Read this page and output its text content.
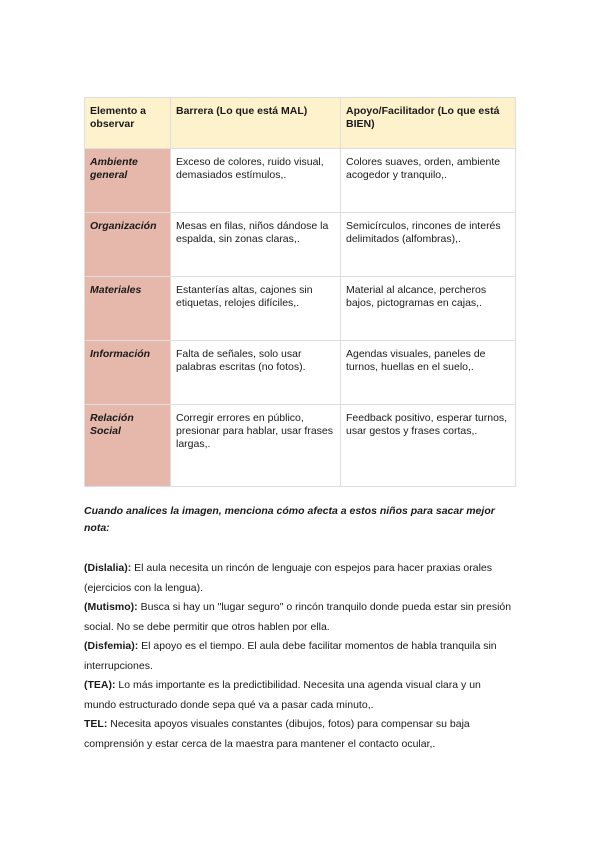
Elemento a observar	Barrera (Lo que está MAL)	Apoyo/Facilitador (Lo que está BIEN)
Ambiente general	Exceso de colores, ruido visual, demasiados estímulos,.	Colores suaves, orden, ambiente acogedor y tranquilo,.
Organización	Mesas en filas, niños dándose la espalda, sin zonas claras,.	Semicírculos, rincones de interés delimitados (alfombras),.
Materiales	Estanterías altas, cajones sin etiquetas, relojes difíciles,.	Material al alcance, percheros bajos, pictogramas en cajas,.
Información	Falta de señales, solo usar palabras escritas (no fotos).	Agendas visuales, paneles de turnos, huellas en el suelo,.
Relación Social	Corregir errores en público, presionar para hablar, usar frases largas,.	Feedback positivo, esperar turnos, usar gestos y frases cortas,.

Cuando analices la imagen, menciona cómo afecta a estos niños para sacar mejor nota:

(Dislalia): El aula necesita un rincón de lenguaje con espejos para hacer praxias orales (ejercicios con la lengua).

(Mutismo): Busca si hay un "lugar seguro" o rincón tranquilo donde pueda estar sin presión social. No se debe permitir que otros hablen por ella.

(Disfemia): El apoyo es el tiempo. El aula debe facilitar momentos de habla tranquila sin interrupciones.

(TEA): Lo más importante es la predictibilidad. Necesita una agenda visual clara y un mundo estructurado donde sepa qué va a pasar cada minuto,.

TEL: Necesita apoyos visuales constantes (dibujos, fotos) para compensar su baja comprensión y estar cerca de la maestra para mantener el contacto ocular,.
